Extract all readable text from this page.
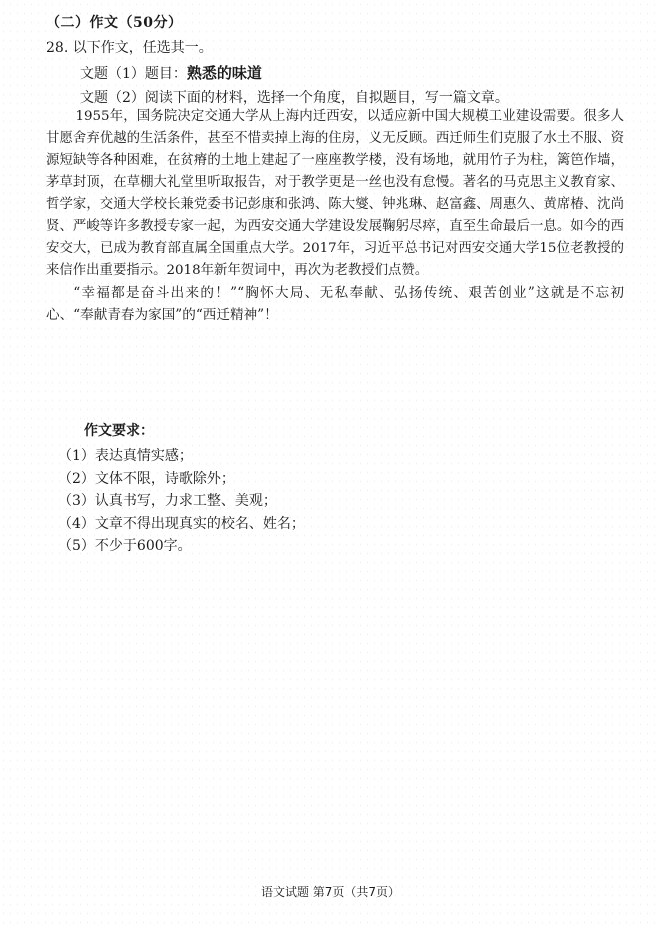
（二）作文（50分）
28. 以下作文，任选其一。
文题（1）题目：熟悉的味道
文题（2）阅读下面的材料，选择一个角度，自拟题目，写一篇文章。

1955年，国务院决定交通大学从上海内迁西安，以适应新中国大规模工业建设需要。很多人甘愿舍弃优越的生活条件，甚至不惜卖掉上海的住房，义无反顾。西迁师生们克服了水土不服、资源短缺等各种困难，在贫瘠的土地上建起了一座座教学楼，没有场地，就用竹子为柱，篱笆作墙，茅草封顶，在草棚大礼堂里听取报告，对于教学更是一丝也没有怠慢。著名的马克思主义教育家、哲学家，交通大学校长兼党委书记彭康和张鸿、陈大燮、钟兆琳、赵富鑫、周惠久、黄席椿、沈尚贤、严峻等许多教授专家一起，为西安交通大学建设发展鞠躬尽瘁，直至生命最后一息。如今的西安交大，已成为教育部直属全国重点大学。2017年，习近平总书记对西安交通大学15位老教授的来信作出重要指示。2018年新年贺词中，再次为老教授们点赞。

“幸福都是奋斗出来的！”“胸怀大局、无私奉献、弘扬传统、艰苦创业”这就是不忘初心、“奉献青春为家国”的“西迁精神”！

作文要求：
（1）表达真情实感；
（2）文体不限，诗歌除外；
（3）认真书写，力求工整、美观；
（4）文章不得出现真实的校名、姓名；
（5）不少于600字。
语文试题 第7页（共7页）
